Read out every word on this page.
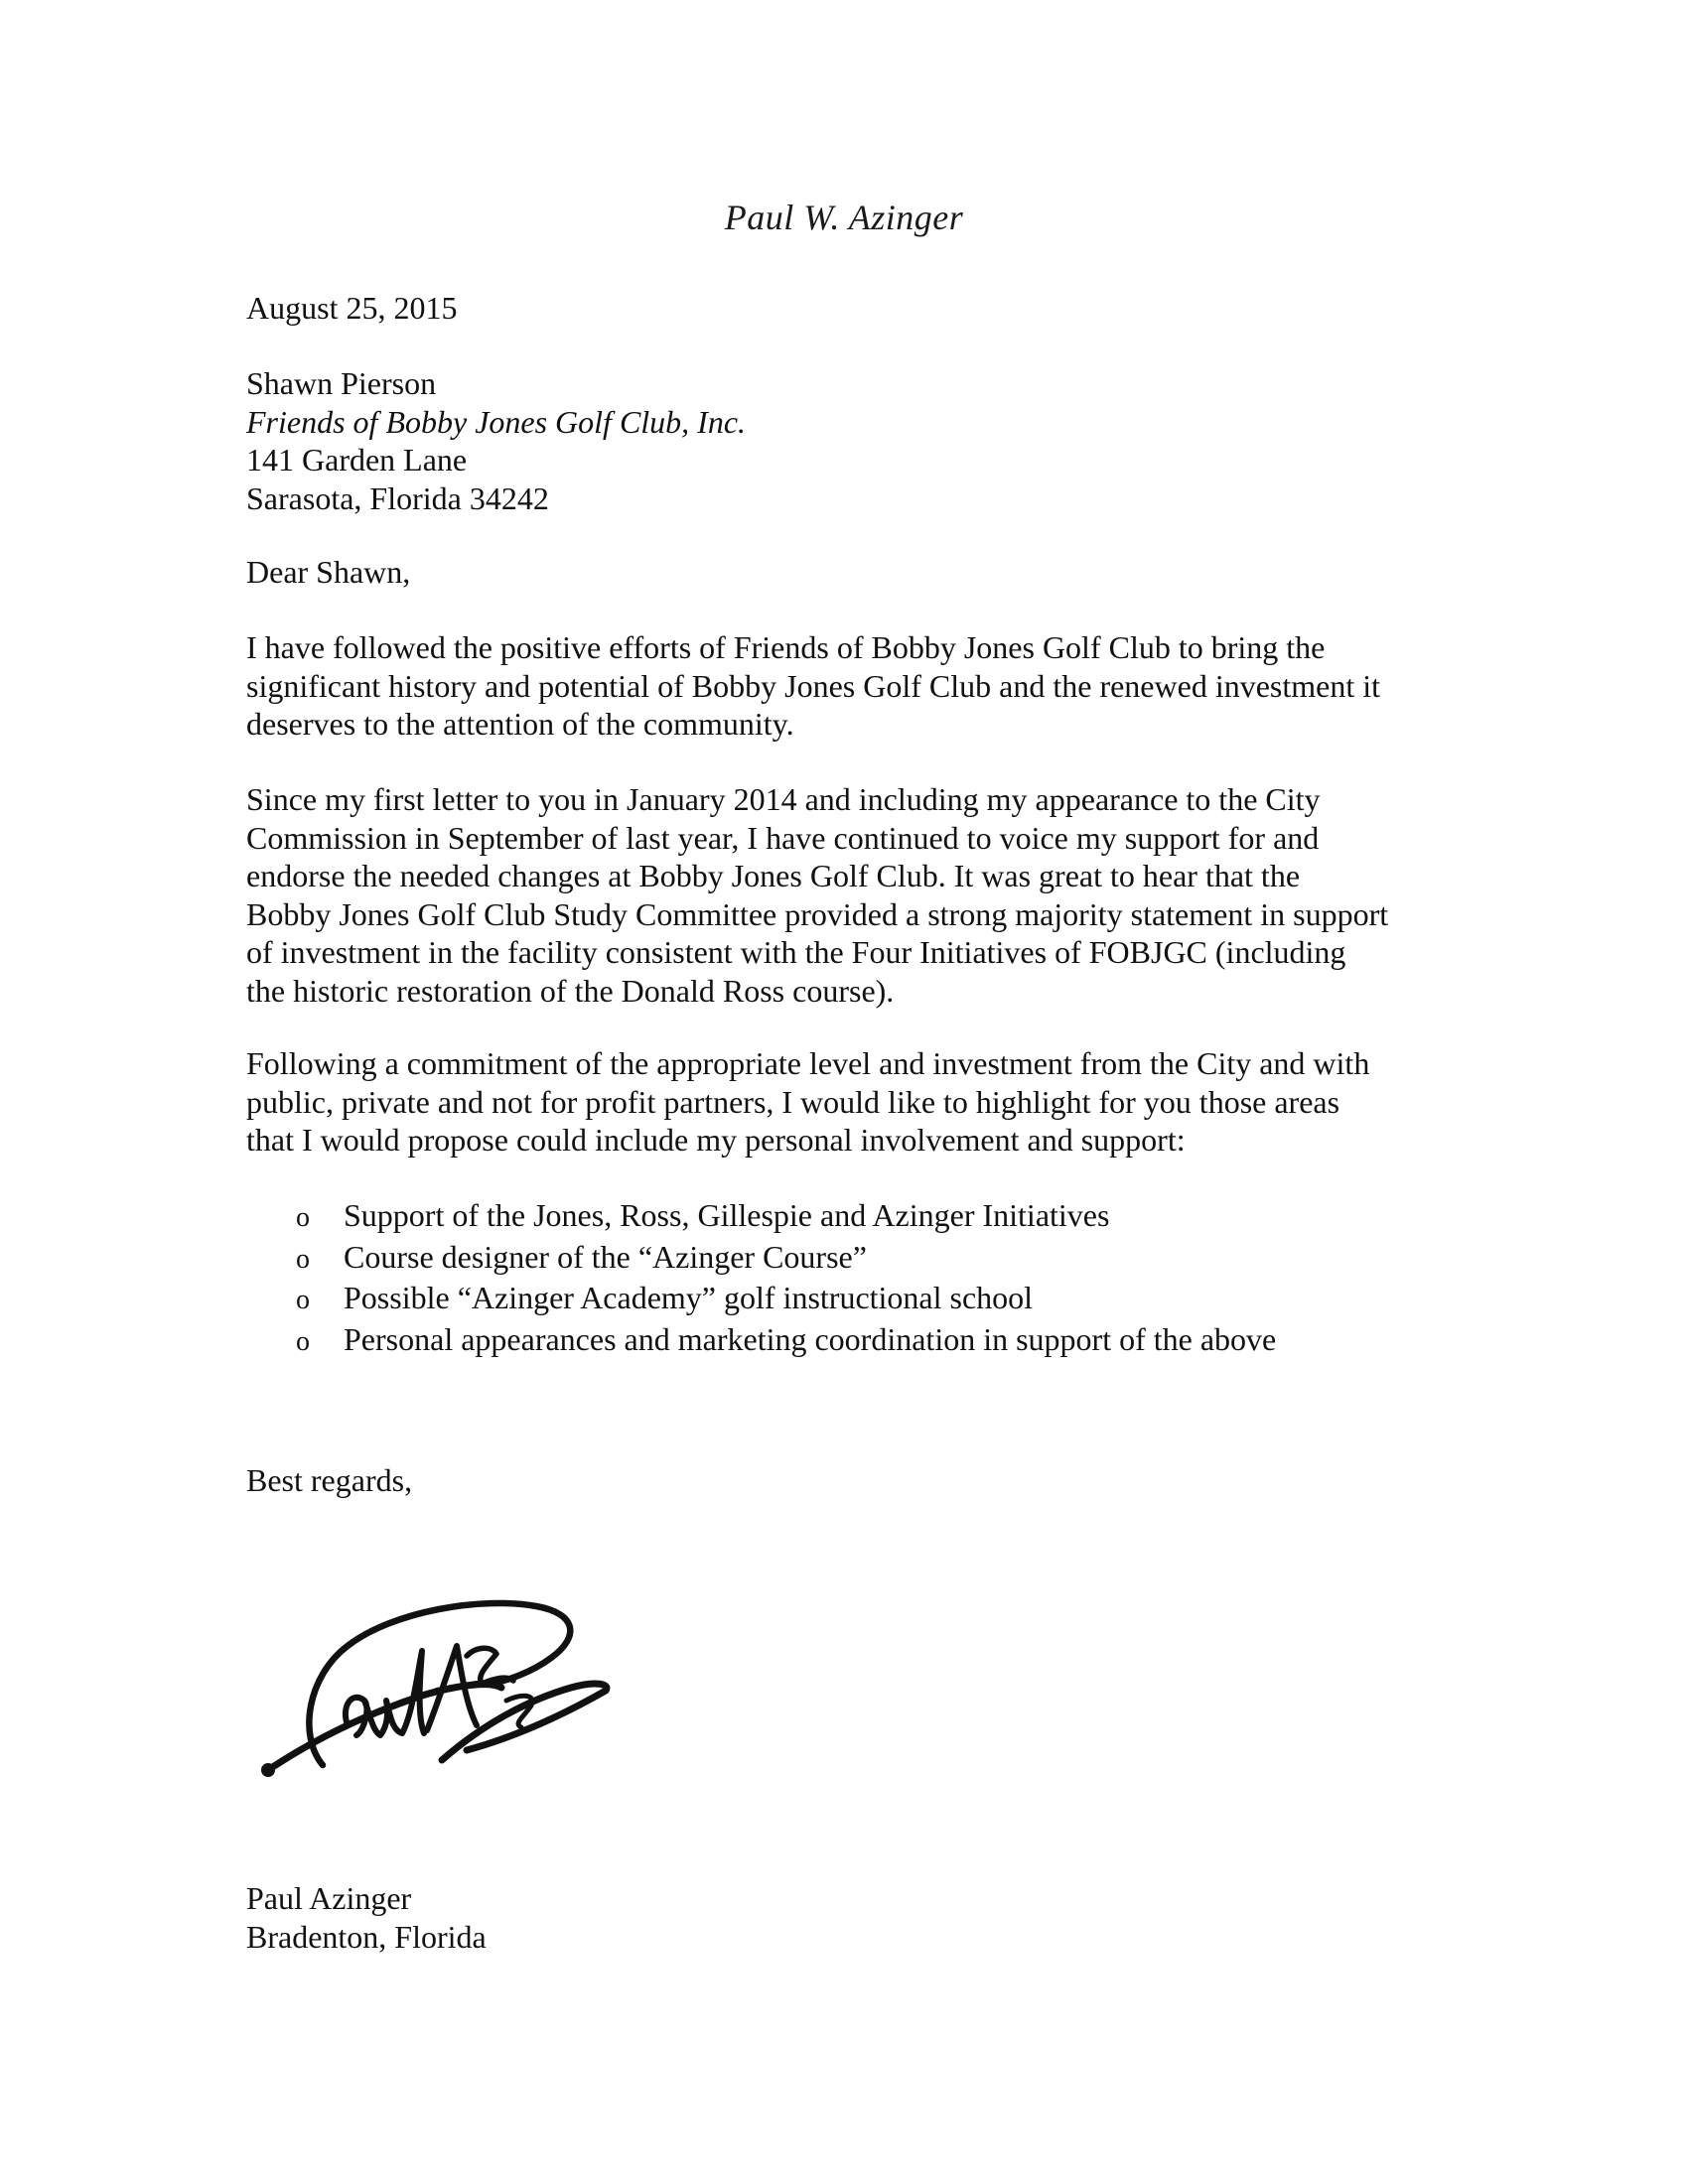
Paul W. Azinger
August 25, 2015
Shawn Pierson
Friends of Bobby Jones Golf Club, Inc.
141 Garden Lane
Sarasota, Florida 34242
Dear Shawn,
I have followed the positive efforts of Friends of Bobby Jones Golf Club to bring the
significant history and potential of Bobby Jones Golf Club and the renewed investment it
deserves to the attention of the community.
Since my first letter to you in January 2014 and including my appearance to the City
Commission in September of last year, I have continued to voice my support for and
endorse the needed changes at Bobby Jones Golf Club. It was great to hear that the
Bobby Jones Golf Club Study Committee provided a strong majority statement in support
of investment in the facility consistent with the Four Initiatives of FOBJGC (including
the historic restoration of the Donald Ross course).
Following a commitment of the appropriate level and investment from the City and with
public, private and not for profit partners, I would like to highlight for you those areas
that I would propose could include my personal involvement and support:
o Support of the Jones, Ross, Gillespie and Azinger Initiatives
o Course designer of the “Azinger Course”
o Possible “Azinger Academy” golf instructional school
o Personal appearances and marketing coordination in support of the above
Best regards,
Paul Azinger
Bradenton, Florida
